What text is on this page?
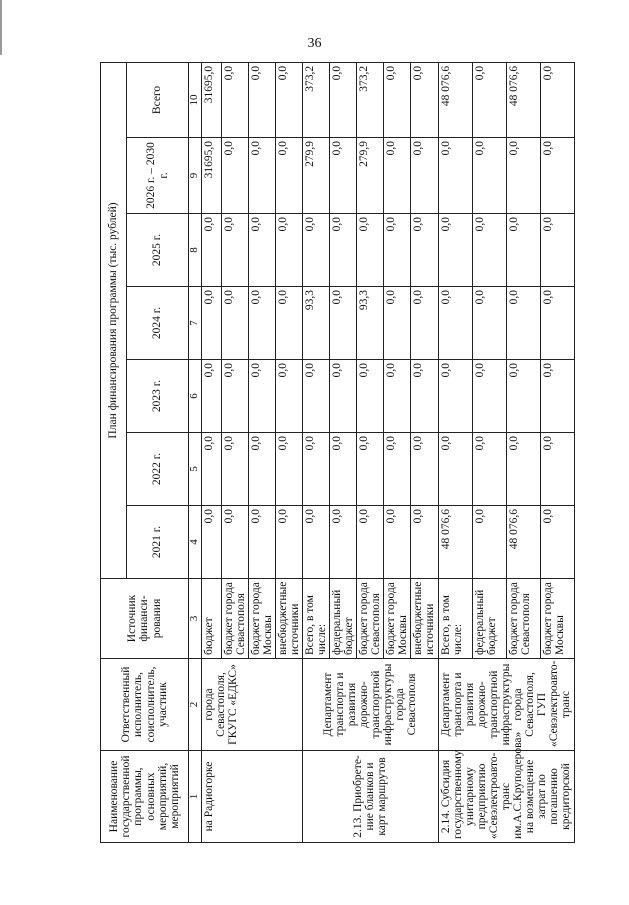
36
Наименование государственной программы, основных мероприятий, мероприятий	Ответственный исполнитель, соисполнитель, участник	Источник финанси-рования	План финансирования программы (тыс. рублей)						
			2021 г.	2022 г.	2023 г.	2024 г.	2025 г.	2026 г. – 2030 г.	Всего
1	2	3	4	5	6	7	8	9	10
на Радиогорке	города Севастополя, ГКУГС «ЕДКС»	бюджет	0,0	0,0	0,0	0,0	0,0	31695,0	31695,0
		бюджет города Севастополя	0,0	0,0	0,0	0,0	0,0	0,0	0,0
		бюджет города Москвы	0,0	0,0	0,0	0,0	0,0	0,0	0,0
		внебюджетные источники	0,0	0,0	0,0	0,0	0,0	0,0	0,0
2.13. Приобрете-ние бланков и карт маршрутов	Департамент транспорта и развития дорожно-транспортной инфраструктуры города Севастополя	Всего, в том числе:	0,0	0,0	0,0	93,3	0,0	279,9	373,2
		федеральный бюджет	0,0	0,0	0,0	0,0	0,0	0,0	0,0
		бюджет города Севастополя	0,0	0,0	0,0	93,3	0,0	279,9	373,2
		бюджет города Москвы	0,0	0,0	0,0	0,0	0,0	0,0	0,0
		внебюджетные источники	0,0	0,0	0,0	0,0	0,0	0,0	0,0
2.14. Субсидия государственному унитарному предприятию «Севэлектроавто-транс им.А.С.Круподерова» на возмещение затрат по погашению кредиторской	Департамент транспорта и развития дорожно-транспортной инфраструктуры города Севастополя, ГУП «Севэлектроавто-транс	Всего, в том числе:	48 076,6	0,0	0,0	0,0	0,0	0,0	48 076,6
		федеральный бюджет	0,0	0,0	0,0	0,0	0,0	0,0	0,0
		бюджет города Севастополя	48 076,6	0,0	0,0	0,0	0,0	0,0	48 076,6
		бюджет города Москвы	0,0	0,0	0,0	0,0	0,0	0,0	0,0
